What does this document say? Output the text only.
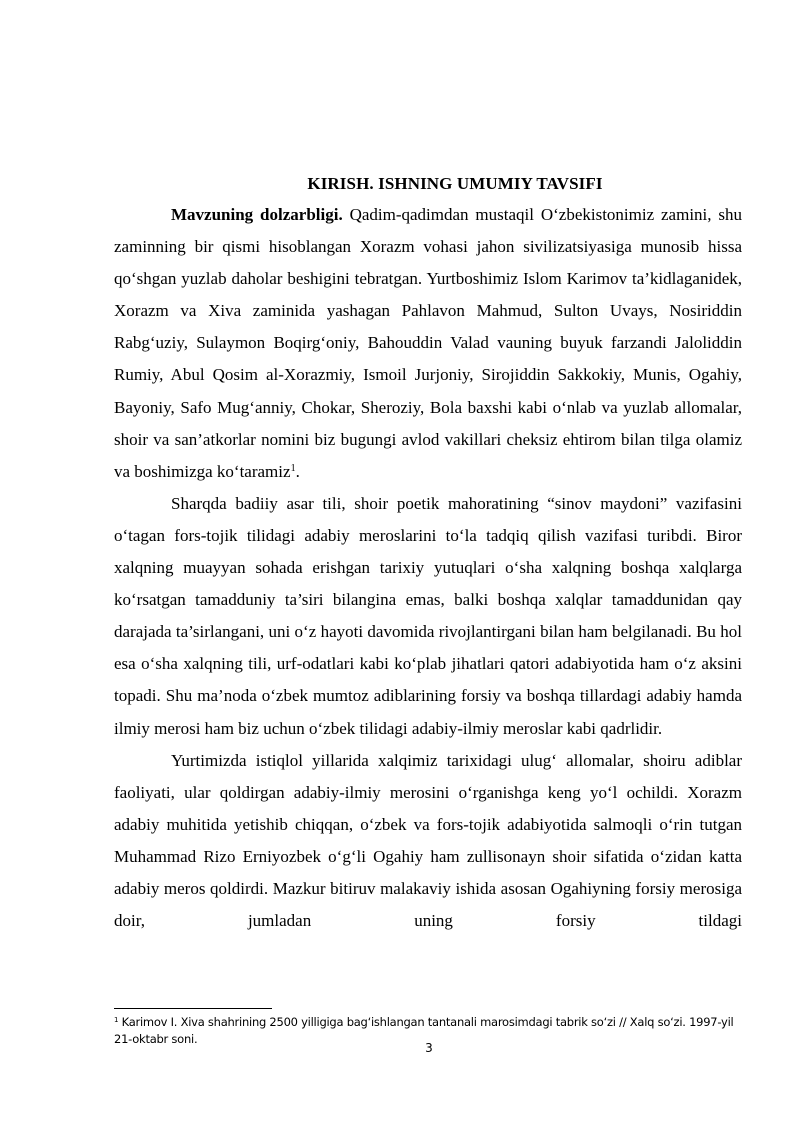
KIRISH. ISHNING UMUMIY TAVSIFI

Mavzuning dolzarbligi. Qadim-qadimdan mustaqil O‘zbekistonimiz zamini, shu zaminning bir qismi hisoblangan Xorazm vohasi jahon sivilizatsiyasiga munosib hissa qo‘shgan yuzlab daholar beshigini tebratgan. Yurtboshimiz Islom Karimov ta’kidlaganidek, Xorazm va Xiva zaminida yashagan Pahlavon Mahmud, Sulton Uvays, Nosiriddin Rabg‘uziy, Sulaymon Boqirg‘oniy, Bahouddin Valad vauning buyuk farzandi Jaloliddin Rumiy, Abul Qosim al-Xorazmiy, Ismoil Jurjoniy, Sirojiddin Sakkokiy, Munis, Ogahiy, Bayoniy, Safo Mug‘anniy, Chokar, Sheroziy, Bola baxshi kabi o‘nlab va yuzlab allomalar, shoir va san’atkorlar nomini biz bugungi avlod vakillari cheksiz ehtirom bilan tilga olamiz va boshimizga ko‘taramiz$^1$.

Sharqda badiiy asar tili, shoir poetik mahoratining “sinov maydoni” vazifasini o‘tagan fors-tojik tilidagi adabiy meroslarini to‘la tadqiq qilish vazifasi turibdi. Biror xalqning muayyan sohada erishgan tarixiy yutuqlari o‘sha xalqning boshqa xalqlarga ko‘rsatgan tamadduniy ta’siri bilangina emas, balki boshqa xalqlar tamaddunidan qay darajada ta’sirlangani, uni o‘z hayoti davomida rivojlantirgani bilan ham belgilanadi. Bu hol esa o‘sha xalqning tili, urf-odatlari kabi ko‘plab jihatlari qatori adabiyotida ham o‘z aksini topadi. Shu ma’noda o‘zbek mumtoz adiblarining forsiy va boshqa tillardagi adabiy hamda ilmiy merosi ham biz uchun o‘zbek tilidagi adabiy-ilmiy meroslar kabi qadrlidir.

Yurtimizda istiqlol yillarida xalqimiz tarixidagi ulug‘ allomalar, shoiru adiblar faoliyati, ular qoldirgan adabiy-ilmiy merosini o‘rganishga keng yo‘l ochildi. Xorazm adabiy muhitida yetishib chiqqan, o‘zbek va fors-tojik adabiyotida salmoqli o‘rin tutgan Muhammad Rizo Erniyozbek o‘g‘li Ogahiy ham zullisonayn shoir sifatida o‘zidan katta adabiy meros qoldirdi. Mazkur bitiruv malakaviy ishida asosan Ogahiyning forsiy merosiga doir, jumladan uning forsiy tildagi

$^1$ Karimov I. Xiva shahrining 2500 yilligiga bag‘ishlangan tantanali marosimdagi tabrik so‘zi // Xalq so‘zi. 1997-yil 21-oktabr soni.
3
